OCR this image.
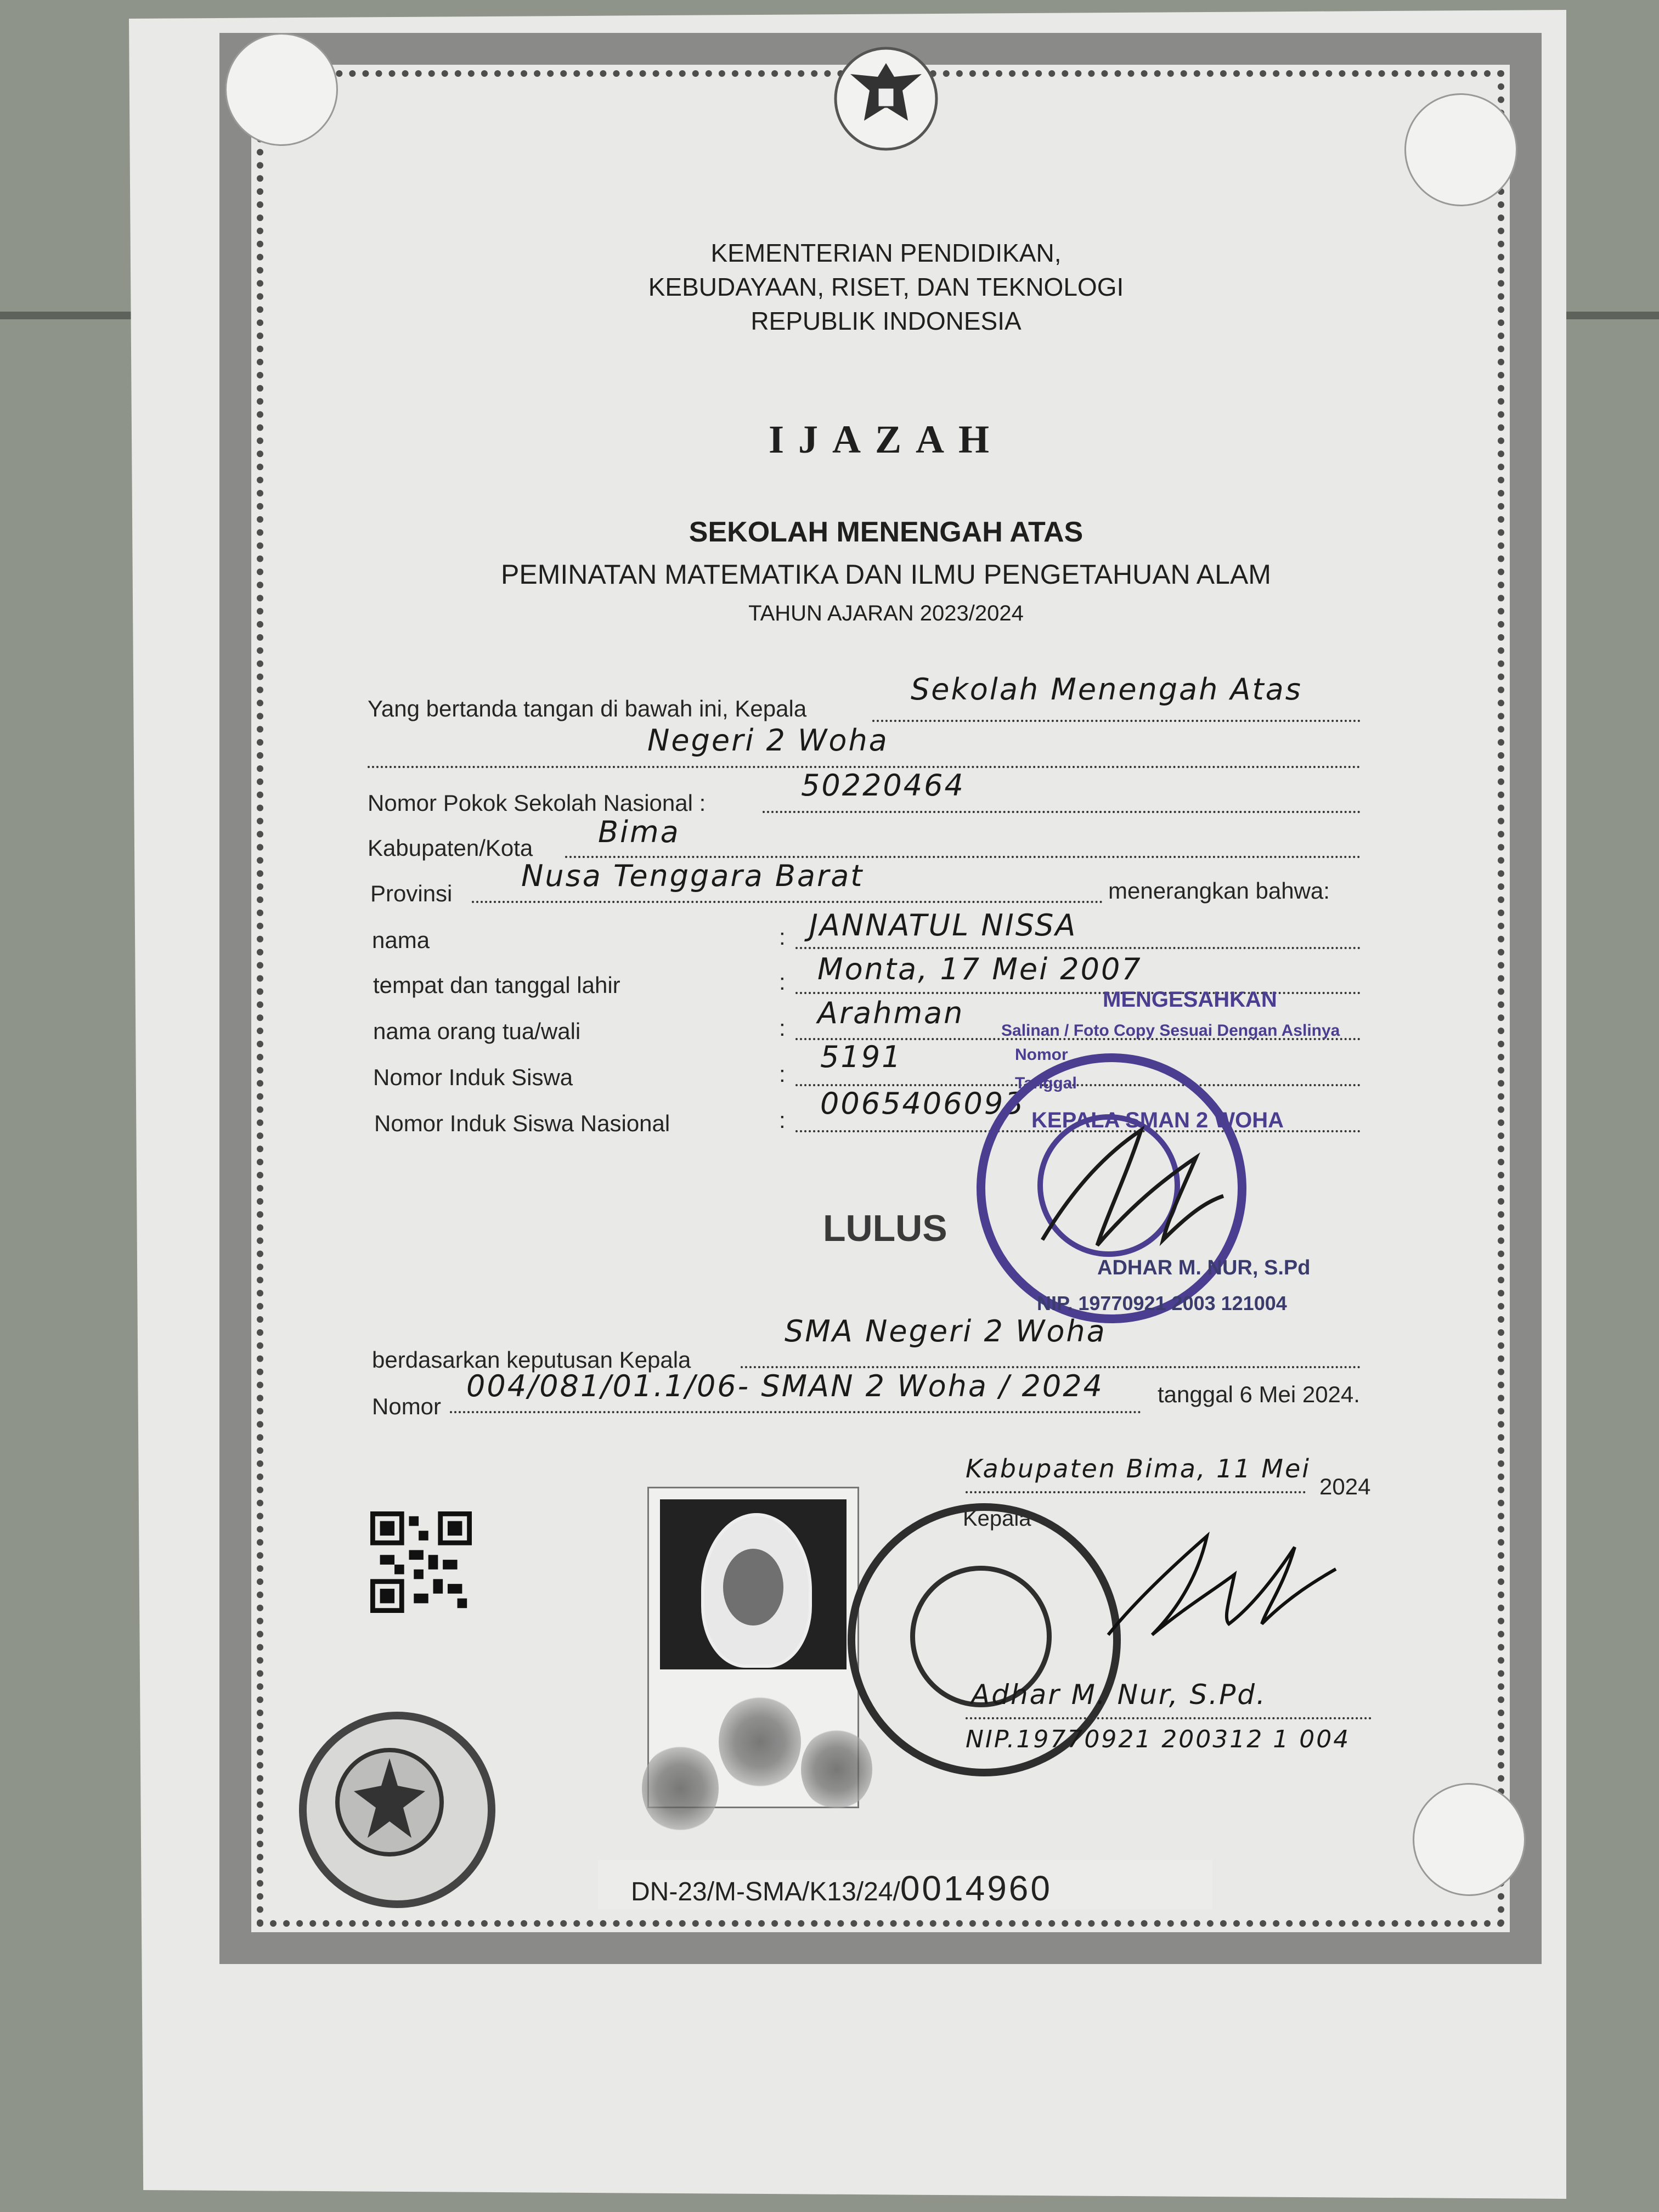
KEMENTERIAN PENDIDIKAN,
KEBUDAYAAN, RISET, DAN TEKNOLOGI
REPUBLIK INDONESIA
IJAZAH
SEKOLAH MENENGAH ATAS
PEMINATAN MATEMATIKA DAN ILMU PENGETAHUAN ALAM
TAHUN AJARAN 2023/2024
Yang bertanda tangan di bawah ini, Kepala
Sekolah Menengah Atas
Negeri 2 Woha
Nomor Pokok Sekolah Nasional :
50220464
Kabupaten/Kota Bima
Provinsi
Nusa Tenggara Barat	menerangkan bahwa:
nama	: JANNATUL NISSA
tempat dan tanggal lahir	: Monta, 17 Mei 2007
nama orang tua/wali	: Arahman
Nomor Induk Siswa	: 5191
Nomor Induk Siswa Nasional	: 0065406093
LULUS
MENGESAHKAN
Salinan / Foto Copy Sesuai Dengan Aslinya
Nomor
Tanggal
KEPALA SMAN 2 WOHA
ADHAR M. NUR, S.Pd
NIP. 19770921 2003 121004
berdasarkan keputusan Kepala
SMA Negeri 2 Woha
Nomor
004/081/01.1/06- SMAN 2 Woha / 2024 tanggal 6 Mei 2024.
Kabupaten Bima, 11 Mei
2024
Kepala
Adhar M. Nur, S.Pd.
NIP.19770921 200312 1 004
DN-23/M-SMA/K13/24/0014960
